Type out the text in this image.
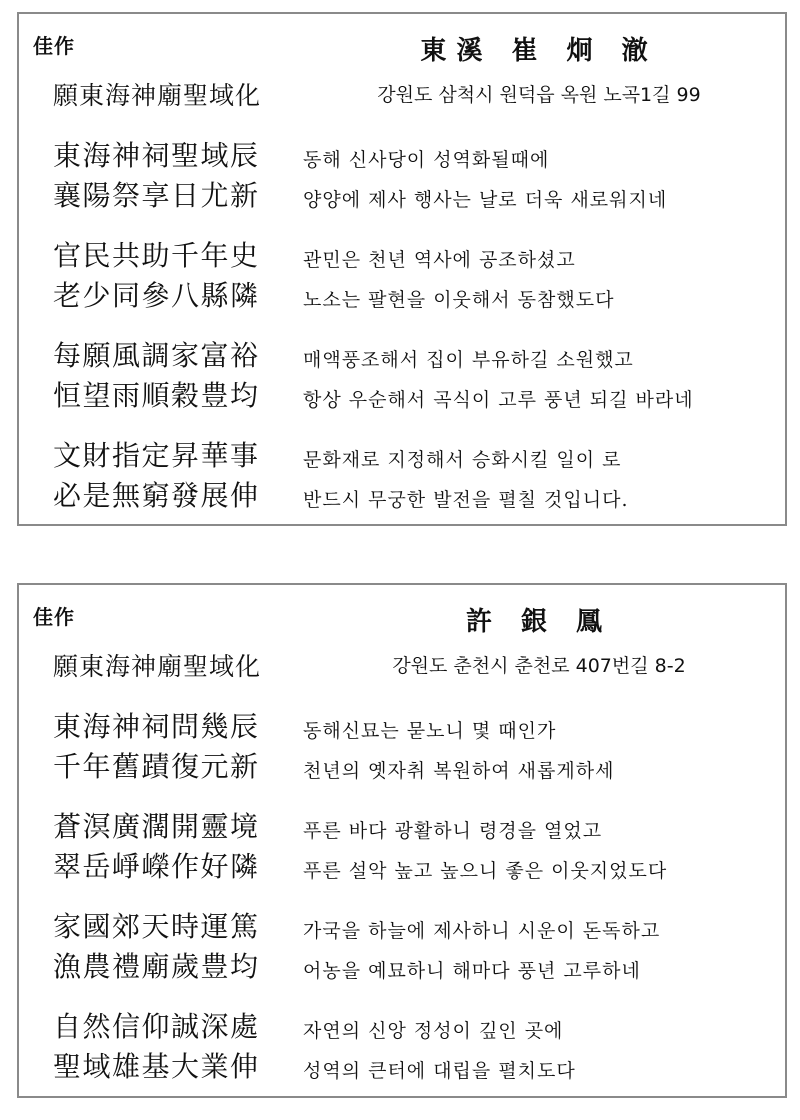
佳作	東溪 崔 炯 澈
願東海神廟聖域化	강원도 삼척시 원덕읍 옥원 노곡1길 99
東海神祠聖域辰 동해 신사당이 성역화될때에
襄陽祭享日尤新 양양에 제사 행사는 날로 더욱 새로워지네
官民共助千年史 관민은 천년 역사에 공조하셨고
老少同參八縣隣 노소는 팔현을 이웃해서 동참했도다
每願風調家富裕 매액풍조해서 집이 부유하길 소원했고
恒望雨順穀豊均 항상 우순해서 곡식이 고루 풍년 되길 바라네
文財指定昇華事 문화재로 지정해서 승화시킬 일이 로
必是無窮發展伸 반드시 무궁한 발전을 펼칠 것입니다.
佳作	許 銀 鳳
願東海神廟聖域化	강원도 춘천시 춘천로 407번길 8-2
東海神祠問幾辰 동해신묘는 묻노니 몇 때인가
千年舊蹟復元新 천년의 옛자취 복원하여 새롭게하세
蒼溟廣濶開靈境 푸른 바다 광활하니 령경을 열었고
翠岳崢嶸作好隣 푸른 설악 높고 높으니 좋은 이웃지었도다
家國郊天時運篤 가국을 하늘에 제사하니 시운이 돈독하고
漁農禮廟歲豊均 어농을 예묘하니 해마다 풍년 고루하네
自然信仰誠深處 자연의 신앙 정성이 깊인 곳에
聖域雄基大業伸 성역의 큰터에 대립을 펼치도다
